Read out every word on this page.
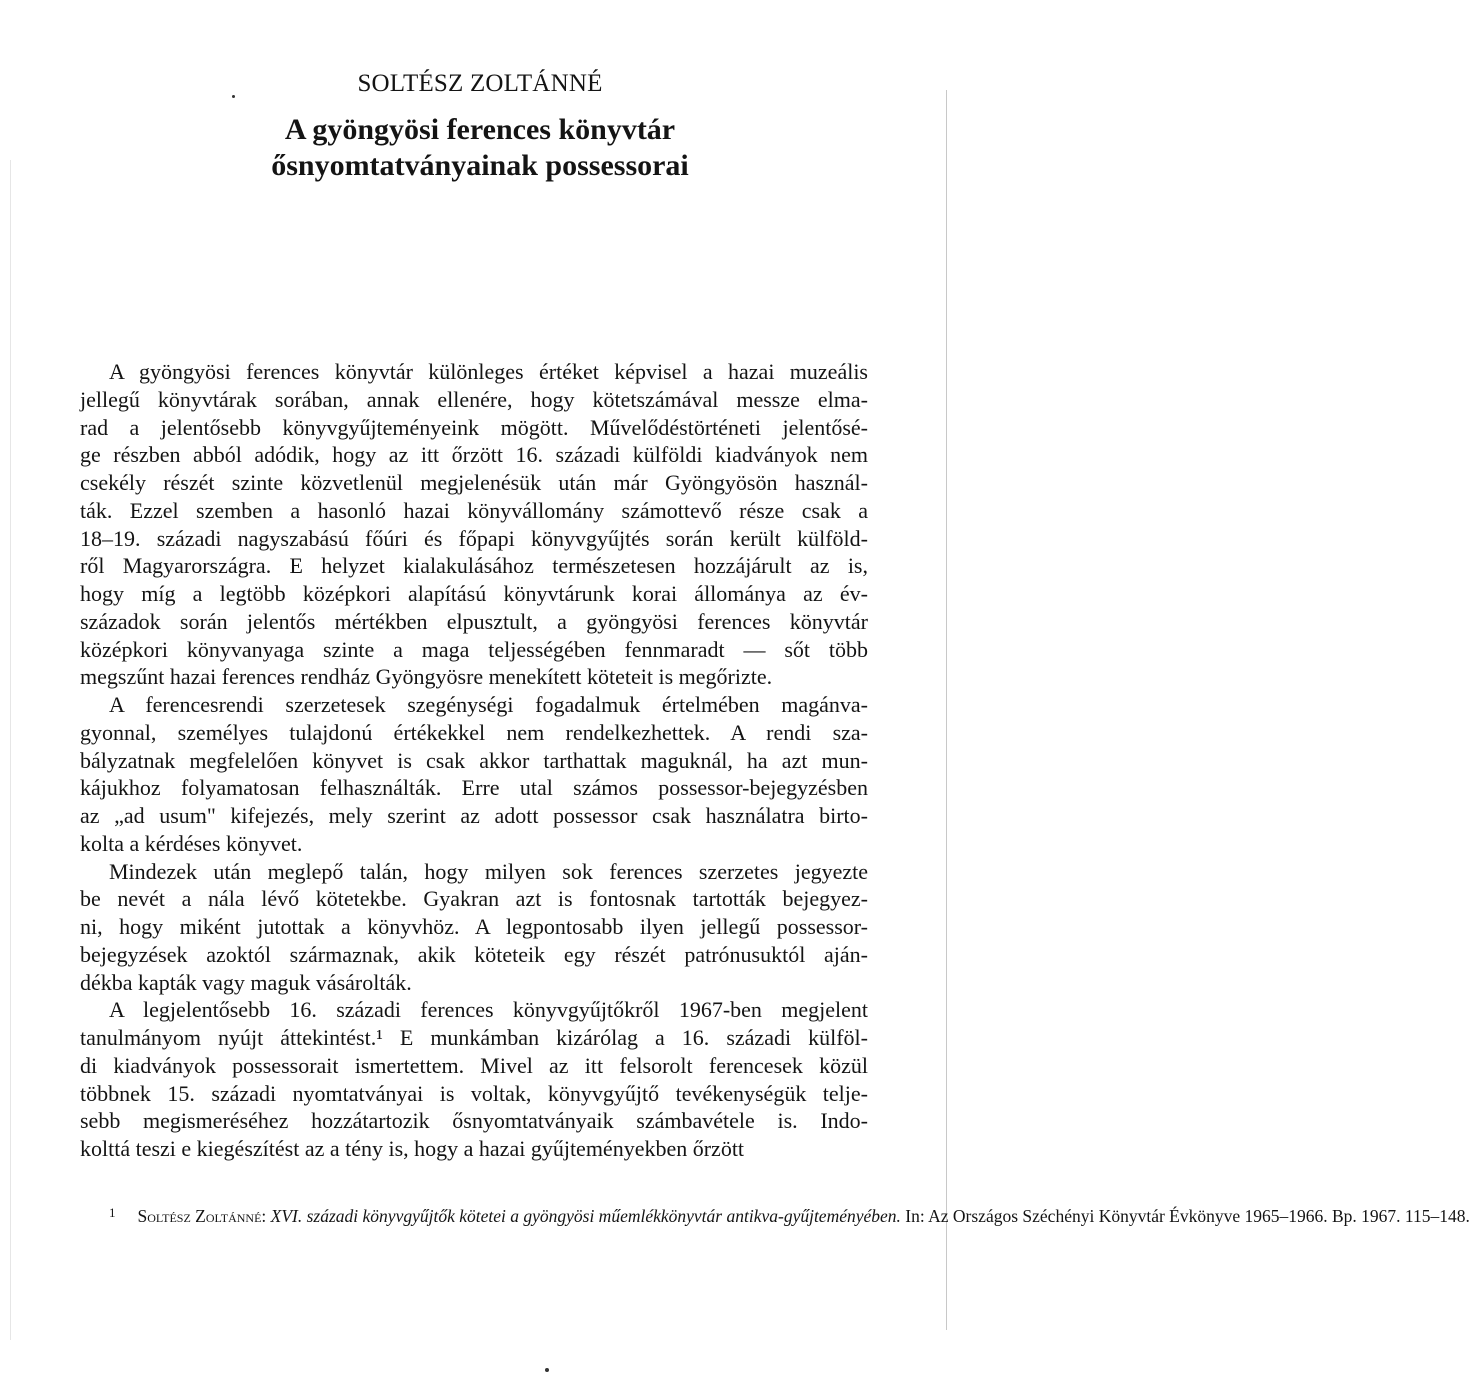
SOLTÉSZ ZOLTÁNNÉ
A gyöngyösi ferences könyvtár
ősnyomtatványainak possessorai
A gyöngyösi ferences könyvtár különleges értéket képvisel a hazai muzeális
jellegű könyvtárak sorában, annak ellenére, hogy kötetszámával messze elma-
rad a jelentősebb könyvgyűjteményeink mögött. Művelődéstörténeti jelentősé-
ge részben abból adódik, hogy az itt őrzött 16. századi külföldi kiadványok nem
csekély részét szinte közvetlenül megjelenésük után már Gyöngyösön használ-
ták. Ezzel szemben a hasonló hazai könyvállomány számottevő része csak a
18–19. századi nagyszabású főúri és főpapi könyvgyűjtés során került külföld-
ről Magyarországra. E helyzet kialakulásához természetesen hozzájárult az is,
hogy míg a legtöbb középkori alapítású könyvtárunk korai állománya az év-
századok során jelentős mértékben elpusztult, a gyöngyösi ferences könyvtár
középkori könyvanyaga szinte a maga teljességében fennmaradt — sőt több
megszűnt hazai ferences rendház Gyöngyösre menekített köteteit is megőrizte.
A ferencesrendi szerzetesek szegénységi fogadalmuk értelmében magánva-
gyonnal, személyes tulajdonú értékekkel nem rendelkezhettek. A rendi sza-
bályzatnak megfelelően könyvet is csak akkor tarthattak maguknál, ha azt mun-
kájukhoz folyamatosan felhasználták. Erre utal számos possessor-bejegyzésben
az „ad usum" kifejezés, mely szerint az adott possessor csak használatra birto-
kolta a kérdéses könyvet.
Mindezek után meglepő talán, hogy milyen sok ferences szerzetes jegyezte
be nevét a nála lévő kötetekbe. Gyakran azt is fontosnak tartották bejegyez-
ni, hogy miként jutottak a könyvhöz. A legpontosabb ilyen jellegű possessor-
bejegyzések azoktól származnak, akik köteteik egy részét patrónusuktól aján-
dékba kapták vagy maguk vásárolták.
A legjelentősebb 16. századi ferences könyvgyűjtőkről 1967-ben megjelent
tanulmányom nyújt áttekintést.¹ E munkámban kizárólag a 16. századi külföl-
di kiadványok possessorait ismertettem. Mivel az itt felsorolt ferencesek közül
többnek 15. századi nyomtatványai is voltak, könyvgyűjtő tevékenységük telje-
sebb megismeréséhez hozzátartozik ősnyomtatványaik számbavétele is. Indo-
kolttá teszi e kiegészítést az a tény is, hogy a hazai gyűjteményekben őrzött
$^1$ Soltész Zoltánné: XVI. századi könyvgyűjtők kötetei a gyöngyösi műemlékkönyvtár antikva-gyűjteményében. In: Az Országos Széchényi Könyvtár Évkönyve 1965–1966. Bp. 1967. 115–148.
